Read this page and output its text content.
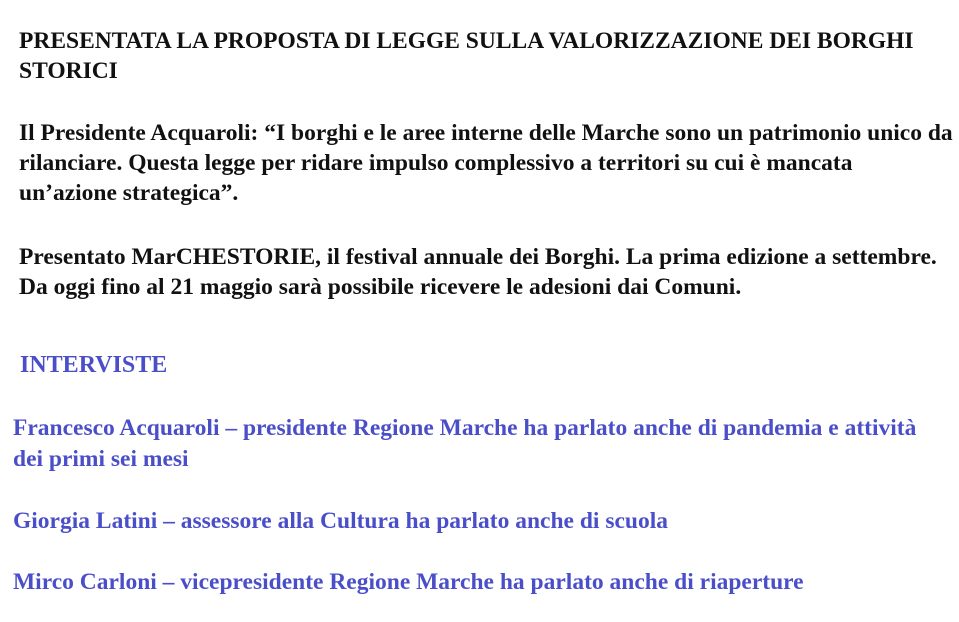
PRESENTATA LA PROPOSTA DI LEGGE SULLA VALORIZZAZIONE DEI BORGHI STORICI

Il Presidente Acquaroli: “I borghi e le aree interne delle Marche sono un patrimonio unico da rilanciare. Questa legge per ridare impulso complessivo a territori su cui è mancata un’azione strategica”.

Presentato MarCHESTORIE, il festival annuale dei Borghi. La prima edizione a settembre. Da oggi fino al 21 maggio sarà possibile ricevere le adesioni dai Comuni.

INTERVISTE
Francesco Acquaroli – presidente Regione Marche ha parlato anche di pandemia e attività dei primi sei mesi
Giorgia Latini – assessore alla Cultura ha parlato anche di scuola
Mirco Carloni – vicepresidente Regione Marche ha parlato anche di riaperture
